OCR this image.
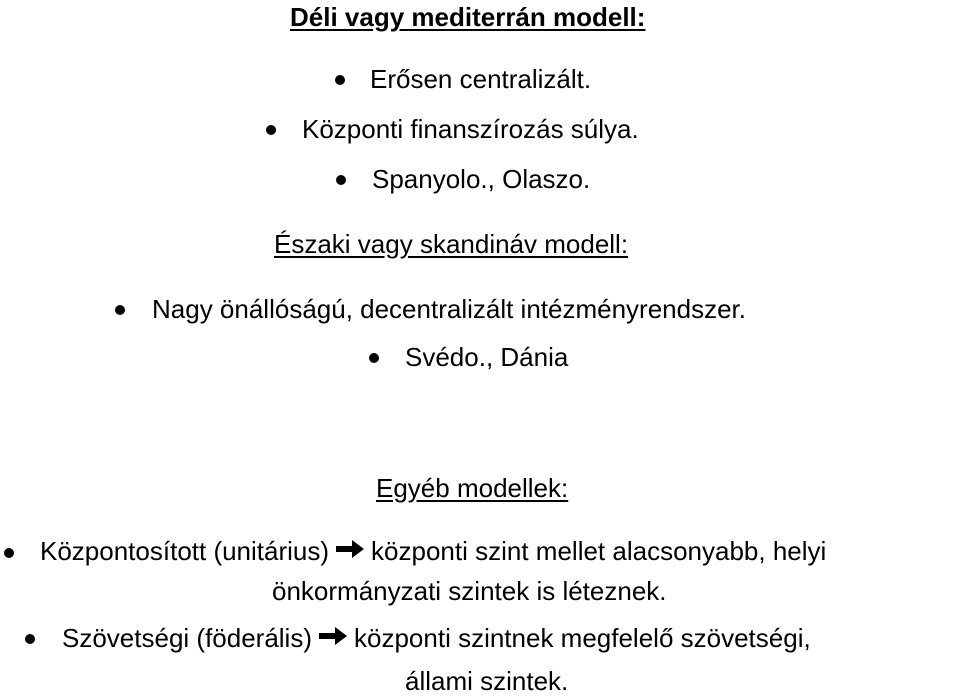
Déli vagy mediterrán modell:
Erősen centralizált.
Központi finanszírozás súlya.
Spanyolo., Olaszo.
Északi vagy skandináv modell:
Nagy önállóságú, decentralizált intézményrendszer.
Svédo., Dánia
Egyéb modellek:
Központosított (unitárius) központi szint mellet alacsonyabb, helyi
önkormányzati szintek is léteznek.
Szövetségi (föderális) központi szintnek megfelelő szövetségi,
állami szintek.
